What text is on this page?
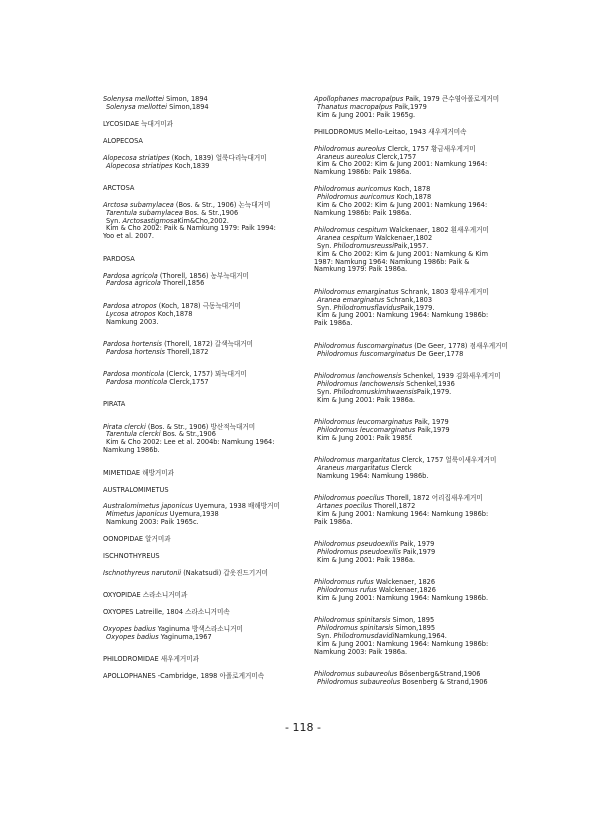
Solenysa mellottei Simon, 1894
Solenysa mellottei Simon,1894
LYCOSIDAE 늑대거미과
ALOPECOSA
Alopecosa striatipes (Koch, 1839) 얼룩다리늑대거미
Alopecosa striatipes Koch,1839
ARCTOSA
Arctosa subamylacea (Bos. & Str., 1906) 논늑대거미
Tarentula subamylacea Bos. & Str.,1906
Syn. ArctosastigmosaKim&Cho,2002.
Kim & Cho 2002: Paik & Namkung 1979: Paik 1994:
Yoo et al. 2007.
PARDOSA
Pardosa agricola (Thorell, 1856) 농부늑대거미
Pardosa agricola Thorell,1856
Pardosa atropos (Koch, 1878) 극동늑대거미
Lycosa atropos Koch,1878
Namkung 2003.
Pardosa hortensis (Thorell, 1872) 갈색늑대거미
Pardosa hortensis Thorell,1872
Pardosa monticola (Clerck, 1757) 뫼늑대거미
Pardosa monticola Clerck,1757
PIRATA
Pirata clercki (Bos. & Str., 1906) 방산적늑대거미
Tarentula clercki Bos. & Str.,1906
Kim & Cho 2002: Lee et al. 2004b: Namkung 1964:
Namkung 1986b.
MIMETIDAE 해방거미과
AUSTRALOMIMETUS
Australomimetus japonicus Uyemura, 1938 배해방거미
Mimetus japonicus Uyemura,1938
Namkung 2003: Paik 1965c.
OONOPIDAE 알거미과
ISCHNOTHYREUS
Ischnothyreus narutonii (Nakatsudi) 갑옷진드기거미
OXYOPIDAE 스라소니거미과
OXYOPES Latreille, 1804 스라소니거미속
Oxyopes badius Yaginuma 방색스라소니거미
Oxyopes badius Yaginuma,1967
PHILODROMIDAE 새우게거미과
APOLLOPHANES -Cambridge, 1898 아폴로게거미속
Apollophanes macropalpus Paik, 1979 큰수염아폴로게거미
Thanatus macropalpus Paik,1979
Kim & Jung 2001: Paik 1965g.
PHILODROMUS Mello-Leitao, 1943 새우게거미속
Philodromus aureolus Clerck, 1757 황금새우게거미
Araneus aureolus Clerck,1757
Kim & Cho 2002: Kim & Jung 2001: Namkung 1964:
Namkung 1986b: Paik 1986a.
Philodromus auricomus Koch, 1878
Philodromus auricomus Koch,1878
Kim & Cho 2002: Kim & Jung 2001: Namkung 1964:
Namkung 1986b: Paik 1986a.
Philodromus cespitum Walckenaer, 1802 흰새우게거미
Aranea cespitum Walckenaer,1802
Syn. PhilodromusreussiPaik,1957.
Kim & Cho 2002: Kim & Jung 2001: Namkung & Kim
1987: Namkung 1964: Namkung 1986b: Paik &
Namkung 1979: Paik 1986a.
Philodromus emarginatus Schrank, 1803 황새우게거미
Aranea emarginatus Schrank,1803
Syn. PhilodromusflavidusPaik,1979.
Kim & Jung 2001: Namkung 1964: Namkung 1986b:
Paik 1986a.
Philodromus fuscomarginatus (De Geer, 1778) 점새우게거미
Philodromus fuscomarginatus De Geer,1778
Philodromus lanchowensis Schenkel, 1939 김화새우게거미
Philodromus lanchowensis Schenkel,1936
Syn. PhilodromuskimhwaensisPaik,1979.
Kim & Jung 2001: Paik 1986a.
Philodromus leucomarginatus Paik, 1979
Philodromus leucomarginatus Paik,1979
Kim & Jung 2001: Paik 1985f.
Philodromus margaritatus Clerck, 1757 얼룩이새우게거미
Araneus margaritatus Clerck
Namkung 1964: Namkung 1986b.
Philodromus poecilus Thorell, 1872 어리집새우게거미
Artanes poecilus Thorell,1872
Kim & Jung 2001: Namkung 1964: Namkung 1986b:
Paik 1986a.
Philodromus pseudoexilis Paik, 1979
Philodromus pseudoexilis Paik,1979
Kim & Jung 2001: Paik 1986a.
Philodromus rufus Walckenaer, 1826
Philodromus rufus Walckenaer,1826
Kim & Jung 2001: Namkung 1964: Namkung 1986b.
Philodromus spinitarsis Simon, 1895
Philodromus spinitarsis Simon,1895
Syn. PhilodromusdavidiNamkung,1964.
Kim & Jung 2001: Namkung 1964: Namkung 1986b:
Namkung 2003: Paik 1986a.
Philodromus subaureolus Bösenberg&Strand,1906
Philodromus subaureolus Bosenberg & Strand,1906
- 118 -
